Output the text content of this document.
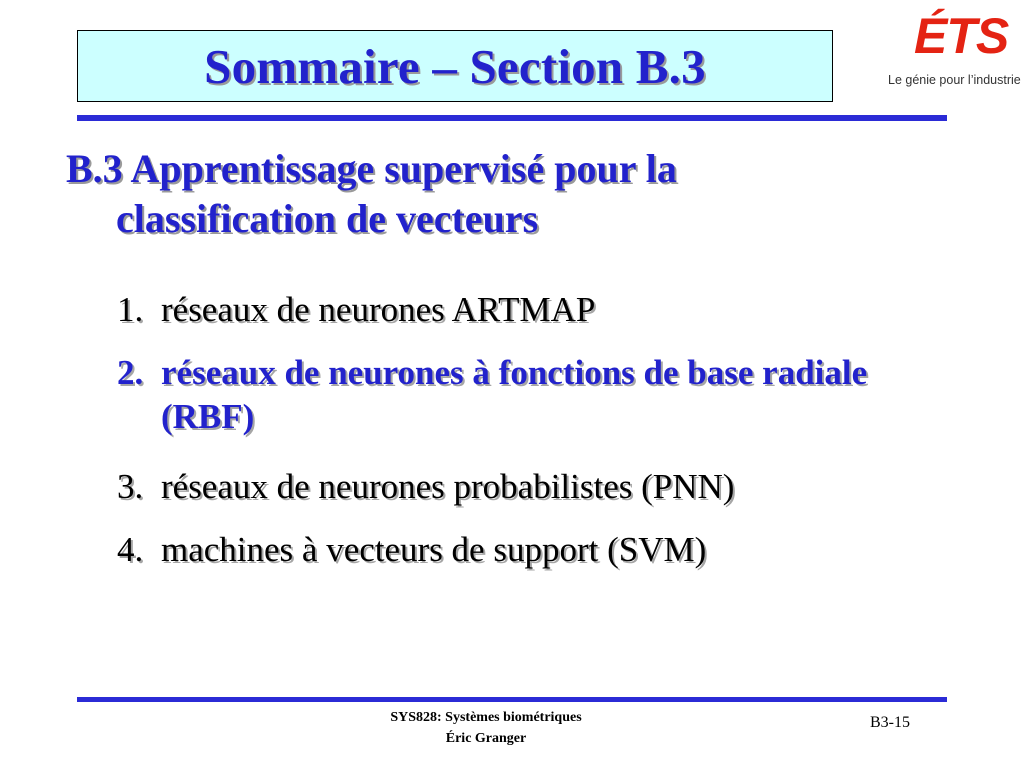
Sommaire – Section B.3
ÉTS
Le génie pour l’industrie
B.3 Apprentissage supervisé pour la
classification de vecteurs
1. réseaux de neurones ARTMAP
2. réseaux de neurones à fonctions de base radiale (RBF)
3. réseaux de neurones probabilistes (PNN)
4. machines à vecteurs de support (SVM)
SYS828: Systèmes biométriques
Éric Granger
B3-15
